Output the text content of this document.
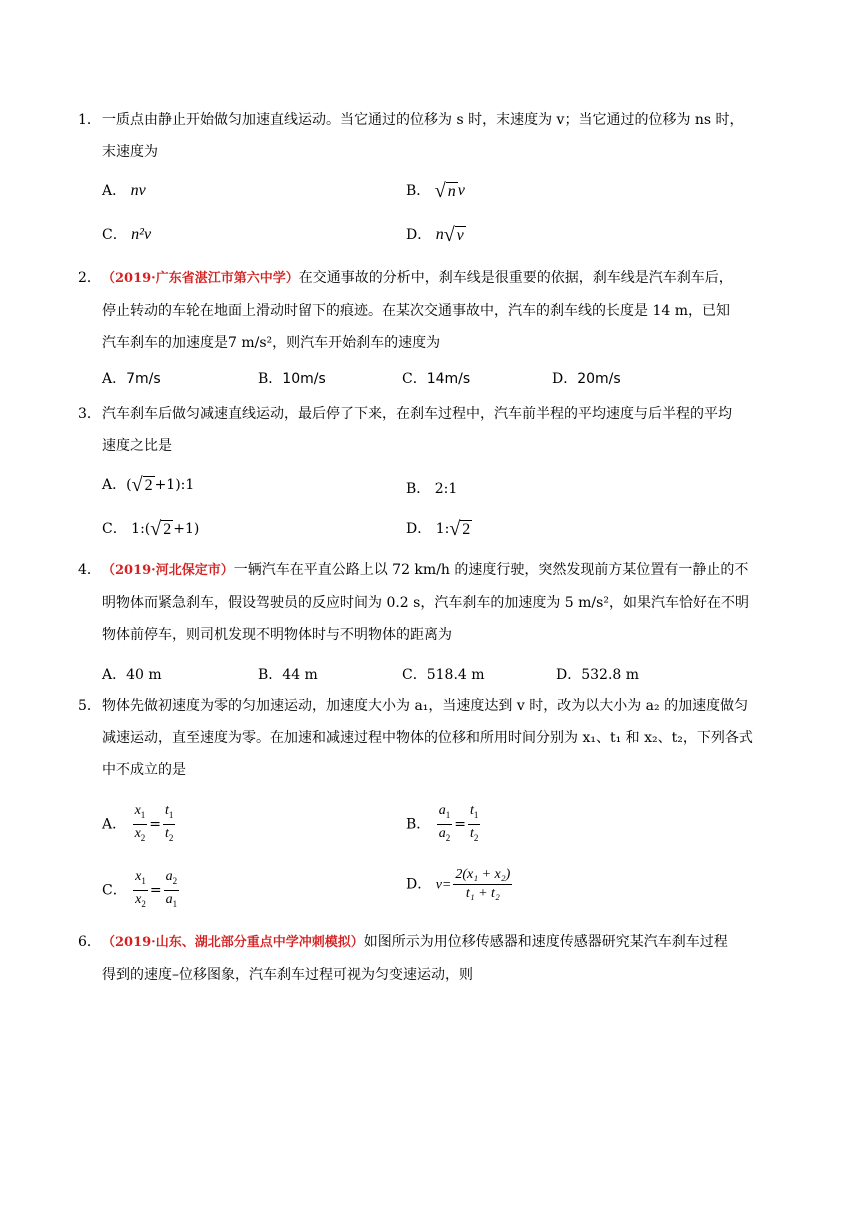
1．一质点由静止开始做匀加速直线运动。当它通过的位移为 s 时，末速度为 v；当它通过的位移为 ns 时，
末速度为
A． nv	B． √ n v
C． n²v	D． n √ v
2．（2019·广东省湛江市第六中学）在交通事故的分析中，刹车线是很重要的依据，刹车线是汽车刹车后，
停止转动的车轮在地面上滑动时留下的痕迹。在某次交通事故中，汽车的刹车线的长度是 14 m，已知
汽车刹车的加速度是7 m/s²，则汽车开始刹车的速度为
A．7m/s	B．10m/s	C．14m/s	D．20m/s
3．汽车刹车后做匀减速直线运动，最后停了下来，在刹车过程中，汽车前半程的平均速度与后半程的平均
速度之比是
A．( √ 2 +1):1	B． 2:1
C． 1:( √ 2 +1)	D． 1: √ 2
4．（2019·河北保定市）一辆汽车在平直公路上以 72 km/h 的速度行驶，突然发现前方某位置有一静止的不
明物体而紧急刹车，假设驾驶员的反应时间为 0.2 s，汽车刹车的加速度为 5 m/s²，如果汽车恰好在不明
物体前停车，则司机发现不明物体时与不明物体的距离为
A．40 m	B．44 m	C．518.4 m	D．532.8 m
5．物体先做初速度为零的匀加速运动，加速度大小为 a₁，当速度达到 v 时，改为以大小为 a₂ 的加速度做匀
减速运动，直至速度为零。在加速和减速过程中物体的位移和所用时间分别为 x₁、t₁ 和 x₂、t₂，下列各式
中不成立的是
A． $\frac{x_1}{x_2} = \frac{t_1}{t_2}$	B． $\frac{a_1}{a_2} = \frac{t_1}{t_2}$
C． $\frac{x_1}{x_2} = \frac{a_2}{a_1}$	D． $v= \frac{\text{2(x₁ + x₂)}}{\text{t₁ + t₂}}$
6．（2019·山东、湖北部分重点中学冲刺模拟）如图所示为用位移传感器和速度传感器研究某汽车刹车过程
得到的速度–位移图象，汽车刹车过程可视为匀变速运动，则
